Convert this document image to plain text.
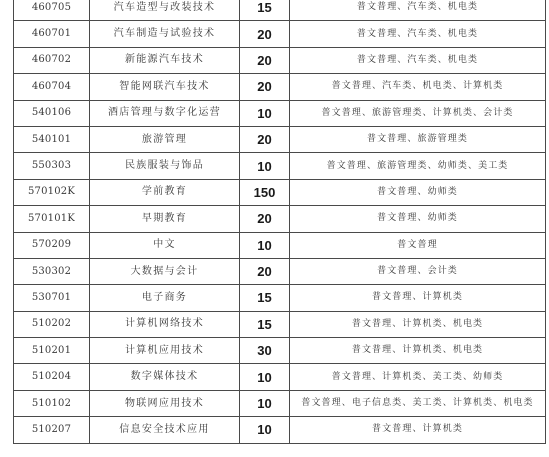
460705	汽车造型与改装技术	15	普文普理、汽车类、机电类
460701	汽车制造与试验技术	20	普文普理、汽车类、机电类
460702	新能源汽车技术	20	普文普理、汽车类、机电类
460704	智能网联汽车技术	20	普文普理、汽车类、机电类、计算机类
540106	酒店管理与数字化运营	10	普文普理、旅游管理类、计算机类、会计类
540101	旅游管理	20	普文普理、旅游管理类
550303	民族服装与饰品	10	普文普理、旅游管理类、幼师类、美工类
570102K	学前教育	150	普文普理、幼师类
570101K	早期教育	20	普文普理、幼师类
570209	中文	10	普文普理
530302	大数据与会计	20	普文普理、会计类
530701	电子商务	15	普文普理、计算机类
510202	计算机网络技术	15	普文普理、计算机类、机电类
510201	计算机应用技术	30	普文普理、计算机类、机电类
510204	数字媒体技术	10	普文普理、计算机类、美工类、幼师类
510102	物联网应用技术	10	普文普理、电子信息类、美工类、计算机类、机电类
510207	信息安全技术应用	10	普文普理、计算机类
